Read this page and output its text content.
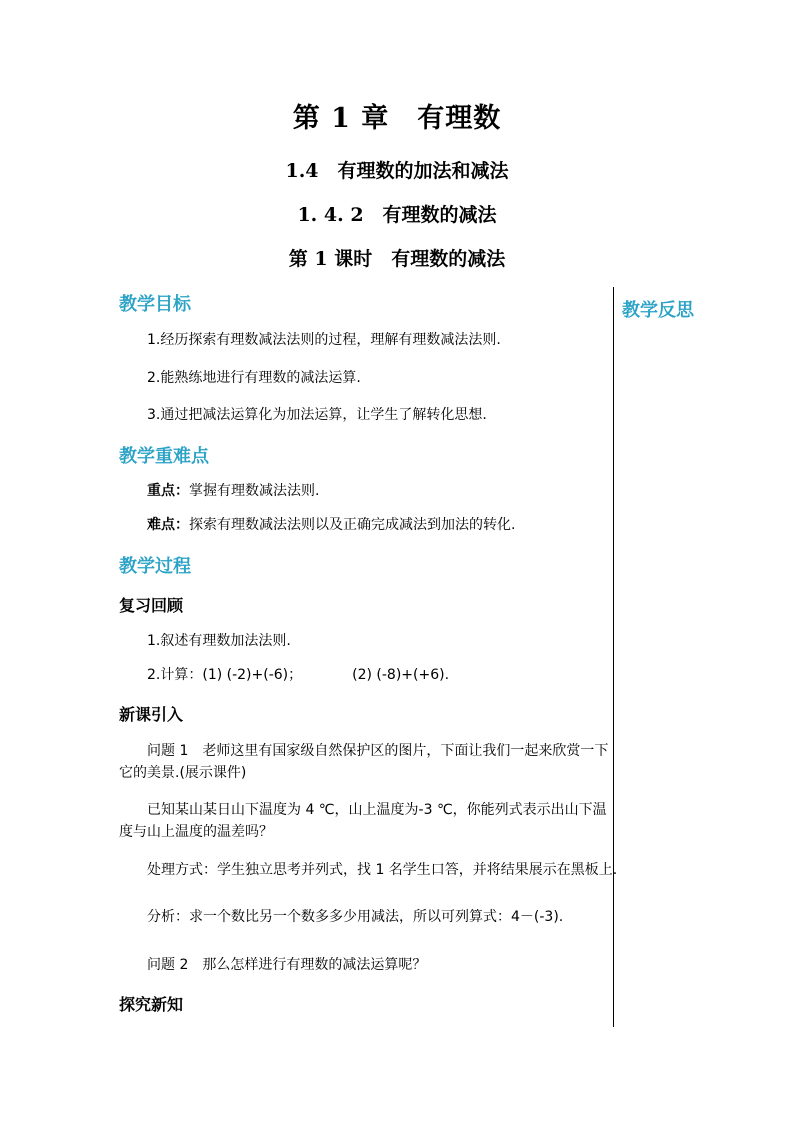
第 1 章　有理数
1.4　有理数的加法和减法
1. 4. 2　有理数的减法
第 1 课时　有理数的减法
教学反思
教学目标
1.经历探索有理数减法法则的过程，理解有理数减法法则.
2.能熟练地进行有理数的减法运算.
3.通过把减法运算化为加法运算，让学生了解转化思想.
教学重难点
重点：掌握有理数减法法则.
难点：探索有理数减法法则以及正确完成减法到加法的转化.
教学过程
复习回顾
1.叙述有理数加法法则.
2.计算：(1) (-2)+(-6)；	(2) (-8)+(+6).
新课引入
问题 1　老师这里有国家级自然保护区的图片，下面让我们一起来欣赏一下它的美景.(展示课件)
已知某山某日山下温度为 4 ℃，山上温度为-3 ℃，你能列式表示出山下温度与山上温度的温差吗？
处理方式：学生独立思考并列式，找 1 名学生口答，并将结果展示在黑板上.
分析：求一个数比另一个数多多少用减法，所以可列算式：4－(-3).
问题 2　那么怎样进行有理数的减法运算呢？
探究新知
